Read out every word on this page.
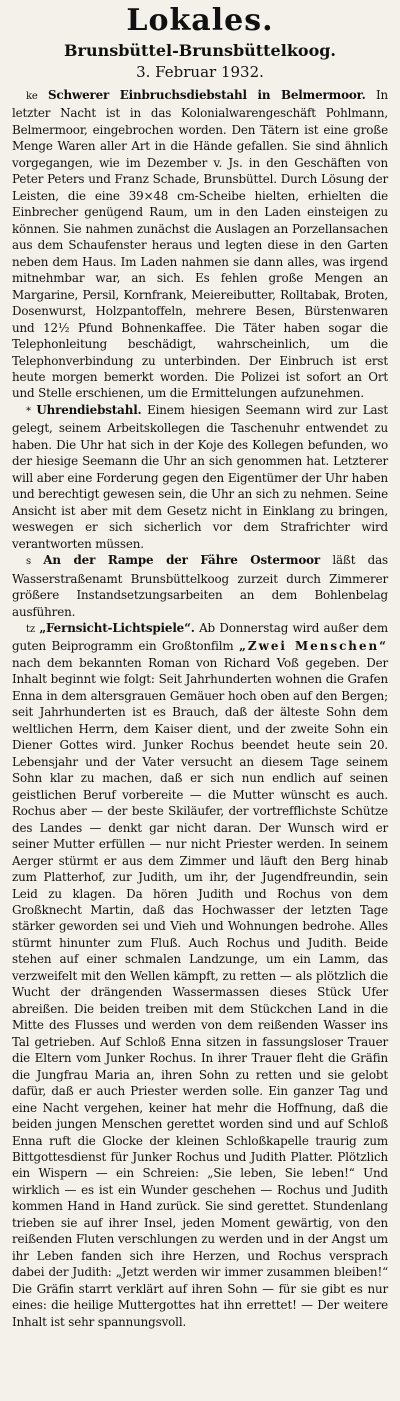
Lokales.
Brunsbüttel-Brunsbüttelkoog.
3. Februar 1932.

ke Schwerer Einbruchsdiebstahl in Belmermoor. In letzter Nacht ist in das Kolonialwarengeschäft Pohlmann, Belmermoor, eingebrochen worden. Den Tätern ist eine große Menge Waren aller Art in die Hände gefallen. Sie sind ähnlich vorgegangen, wie im Dezember v. Js. in den Geschäften von Peter Peters und Franz Schade, Brunsbüttel. Durch Lösung der Leisten, die eine 39×48 cm-Scheibe hielten, erhielten die Einbrecher genügend Raum, um in den Laden einsteigen zu können. Sie nahmen zunächst die Auslagen an Porzellansachen aus dem Schaufenster heraus und legten diese in den Garten neben dem Haus. Im Laden nahmen sie dann alles, was irgend mitnehmbar war, an sich. Es fehlen große Mengen an Margarine, Persil, Kornfrank, Meiereibutter, Rolltabak, Broten, Dosenwurst, Holzpantoffeln, mehrere Besen, Bürstenwaren und 12½ Pfund Bohnenkaffee. Die Täter haben sogar die Telephonleitung beschädigt, wahrscheinlich, um die Telephonverbindung zu unterbinden. Der Einbruch ist erst heute morgen bemerkt worden. Die Polizei ist sofort an Ort und Stelle erschienen, um die Ermittelungen aufzunehmen.

* Uhrendiebstahl. Einem hiesigen Seemann wird zur Last gelegt, seinem Arbeitskollegen die Taschenuhr entwendet zu haben. Die Uhr hat sich in der Koje des Kollegen befunden, wo der hiesige Seemann die Uhr an sich genommen hat. Letzterer will aber eine Forderung gegen den Eigentümer der Uhr haben und berechtigt gewesen sein, die Uhr an sich zu nehmen. Seine Ansicht ist aber mit dem Gesetz nicht in Einklang zu bringen, weswegen er sich sicherlich vor dem Strafrichter wird verantworten müssen.

s An der Rampe der Fähre Ostermoor läßt das Wasserstraßenamt Brunsbüttelkoog zurzeit durch Zimmerer größere Instandsetzungsarbeiten an dem Bohlenbelag ausführen.

tz „Fernsicht-Lichtspiele“. Ab Donnerstag wird außer dem guten Beiprogramm ein Großtonfilm „Zwei Menschen“ nach dem bekannten Roman von Richard Voß gegeben. Der Inhalt beginnt wie folgt: Seit Jahrhunderten wohnen die Grafen Enna in dem altersgrauen Gemäuer hoch oben auf den Bergen; seit Jahrhunderten ist es Brauch, daß der älteste Sohn dem weltlichen Herrn, dem Kaiser dient, und der zweite Sohn ein Diener Gottes wird. Junker Rochus beendet heute sein 20. Lebensjahr und der Vater versucht an diesem Tage seinem Sohn klar zu machen, daß er sich nun endlich auf seinen geistlichen Beruf vorbereite — die Mutter wünscht es auch. Rochus aber — der beste Skiläufer, der vortrefflichste Schütze des Landes — denkt gar nicht daran. Der Wunsch wird er seiner Mutter erfüllen — nur nicht Priester werden. In seinem Aerger stürmt er aus dem Zimmer und läuft den Berg hinab zum Platterhof, zur Judith, um ihr, der Jugendfreundin, sein Leid zu klagen. Da hören Judith und Rochus von dem Großknecht Martin, daß das Hochwasser der letzten Tage stärker geworden sei und Vieh und Wohnungen bedrohe. Alles stürmt hinunter zum Fluß. Auch Rochus und Judith. Beide stehen auf einer schmalen Landzunge, um ein Lamm, das verzweifelt mit den Wellen kämpft, zu retten — als plötzlich die Wucht der drängenden Wassermassen dieses Stück Ufer abreißen. Die beiden treiben mit dem Stückchen Land in die Mitte des Flusses und werden von dem reißenden Wasser ins Tal getrieben. Auf Schloß Enna sitzen in fassungsloser Trauer die Eltern vom Junker Rochus. In ihrer Trauer fleht die Gräfin die Jungfrau Maria an, ihren Sohn zu retten und sie gelobt dafür, daß er auch Priester werden solle. Ein ganzer Tag und eine Nacht vergehen, keiner hat mehr die Hoffnung, daß die beiden jungen Menschen gerettet worden sind und auf Schloß Enna ruft die Glocke der kleinen Schloßkapelle traurig zum Bittgottesdienst für Junker Rochus und Judith Platter. Plötzlich ein Wispern — ein Schreien: „Sie leben, Sie leben!“ Und wirklich — es ist ein Wunder geschehen — Rochus und Judith kommen Hand in Hand zurück. Sie sind gerettet. Stundenlang trieben sie auf ihrer Insel, jeden Moment gewärtig, von den reißenden Fluten verschlungen zu werden und in der Angst um ihr Leben fanden sich ihre Herzen, und Rochus versprach dabei der Judith: „Jetzt werden wir immer zusammen bleiben!“ Die Gräfin starrt verklärt auf ihren Sohn — für sie gibt es nur eines: die heilige Muttergottes hat ihn errettet! — Der weitere Inhalt ist sehr spannungsvoll.
